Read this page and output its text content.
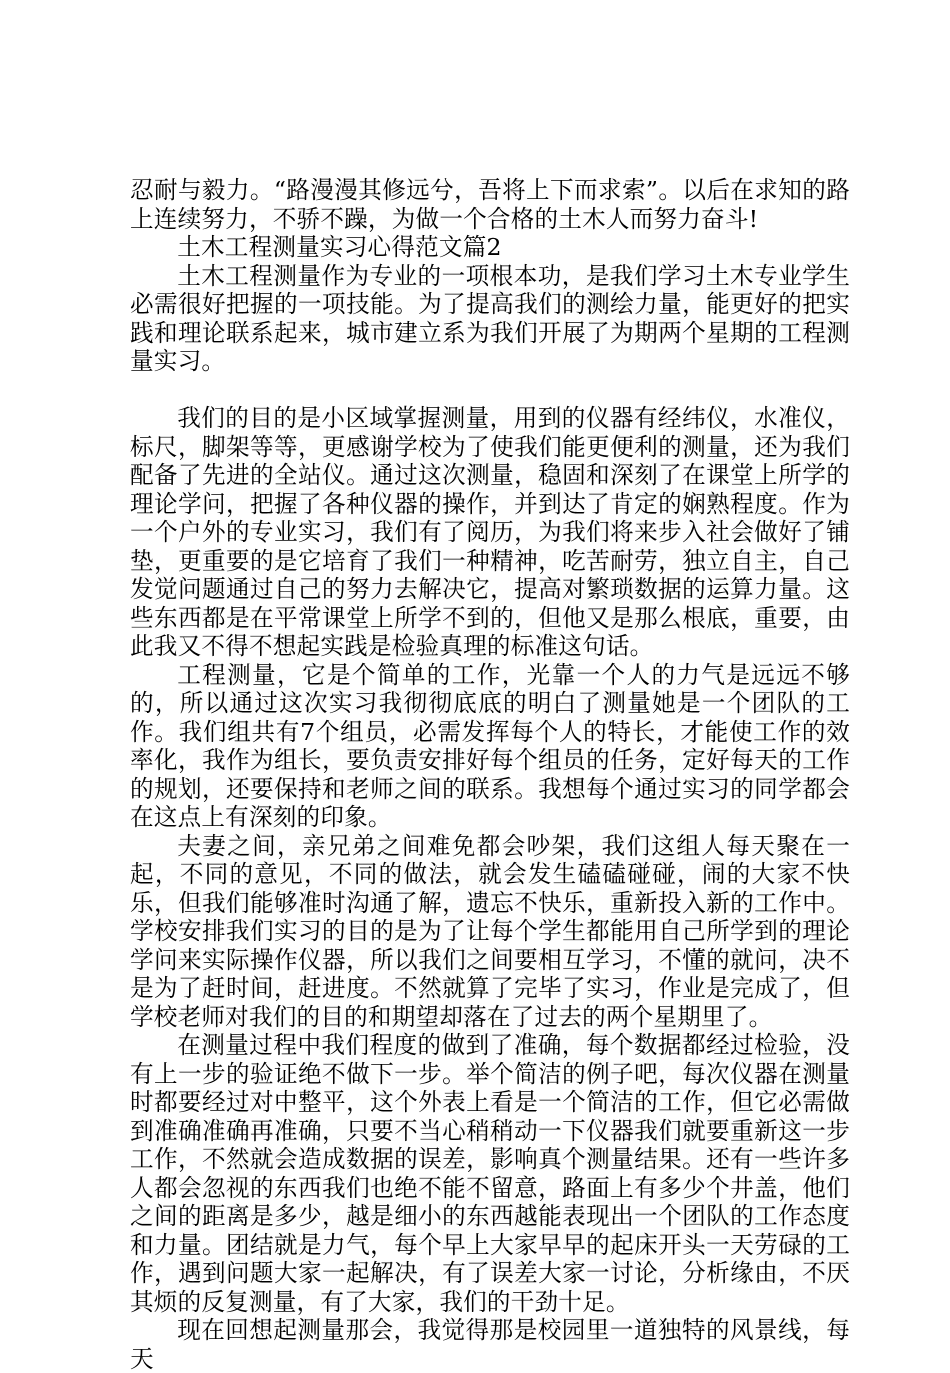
忍耐与毅力。“路漫漫其修远兮，吾将上下而求索”。以后在求知的路上连续努力，不骄不躁，为做一个合格的土木人而努力奋斗!

土木工程测量实习心得范文篇2

土木工程测量作为专业的一项根本功，是我们学习土木专业学生必需很好把握的一项技能。为了提高我们的测绘力量，能更好的把实践和理论联系起来，城市建立系为我们开展了为期两个星期的工程测量实习。

我们的目的是小区域掌握测量，用到的仪器有经纬仪，水准仪，标尺，脚架等等，更感谢学校为了使我们能更便利的测量，还为我们配备了先进的全站仪。通过这次测量，稳固和深刻了在课堂上所学的理论学问，把握了各种仪器的操作，并到达了肯定的娴熟程度。作为一个户外的专业实习，我们有了阅历，为我们将来步入社会做好了铺垫，更重要的是它培育了我们一种精神，吃苦耐劳，独立自主，自己发觉问题通过自己的努力去解决它，提高对繁琐数据的运算力量。这些东西都是在平常课堂上所学不到的，但他又是那么根底，重要，由此我又不得不想起实践是检验真理的标准这句话。

工程测量，它是个简单的工作，光靠一个人的力气是远远不够的，所以通过这次实习我彻彻底底的明白了测量她是一个团队的工作。我们组共有7个组员，必需发挥每个人的特长，才能使工作的效率化，我作为组长，要负责安排好每个组员的任务，定好每天的工作的规划，还要保持和老师之间的联系。我想每个通过实习的同学都会在这点上有深刻的印象。

夫妻之间，亲兄弟之间难免都会吵架，我们这组人每天聚在一起，不同的意见，不同的做法，就会发生磕磕碰碰，闹的大家不快乐，但我们能够准时沟通了解，遗忘不快乐，重新投入新的工作中。学校安排我们实习的目的是为了让每个学生都能用自己所学到的理论学问来实际操作仪器，所以我们之间要相互学习，不懂的就问，决不是为了赶时间，赶进度。不然就算了完毕了实习，作业是完成了，但学校老师对我们的目的和期望却落在了过去的两个星期里了。

在测量过程中我们程度的做到了准确，每个数据都经过检验，没有上一步的验证绝不做下一步。举个简洁的例子吧，每次仪器在测量时都要经过对中整平，这个外表上看是一个简洁的工作，但它必需做到准确准确再准确，只要不当心稍稍动一下仪器我们就要重新这一步工作，不然就会造成数据的误差，影响真个测量结果。还有一些许多人都会忽视的东西我们也绝不能不留意，路面上有多少个井盖，他们之间的距离是多少，越是细小的东西越能表现出一个团队的工作态度和力量。团结就是力气，每个早上大家早早的起床开头一天劳碌的工作，遇到问题大家一起解决，有了误差大家一讨论，分析缘由，不厌其烦的反复测量，有了大家，我们的干劲十足。

现在回想起测量那会，我觉得那是校园里一道独特的风景线，每天
